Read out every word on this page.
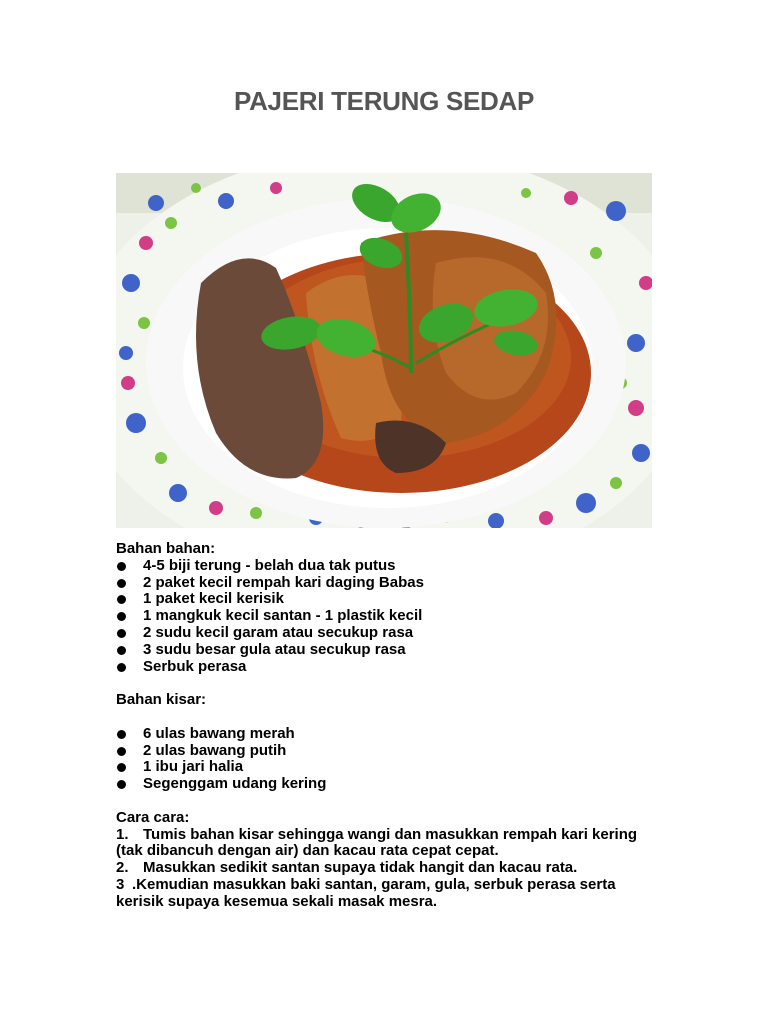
PAJERI TERUNG SEDAP
Bahan bahan:
4-5 biji terung - belah dua tak putus
2 paket kecil rempah kari daging Babas
1 paket kecil kerisik
1 mangkuk kecil santan - 1 plastik kecil
2 sudu kecil garam atau secukup rasa
3 sudu besar gula atau secukup rasa
Serbuk perasa
Bahan kisar:
6 ulas bawang merah
2 ulas bawang putih
1 ibu jari halia
Segenggam udang kering
Cara cara:
1. Tumis bahan kisar sehingga wangi dan masukkan rempah kari kering
(tak dibancuh dengan air) dan kacau rata cepat cepat.
2. Masukkan sedikit santan supaya tidak hangit dan kacau rata.
3 .Kemudian masukkan baki santan, garam, gula, serbuk perasa serta
kerisik supaya kesemua sekali masak mesra.
